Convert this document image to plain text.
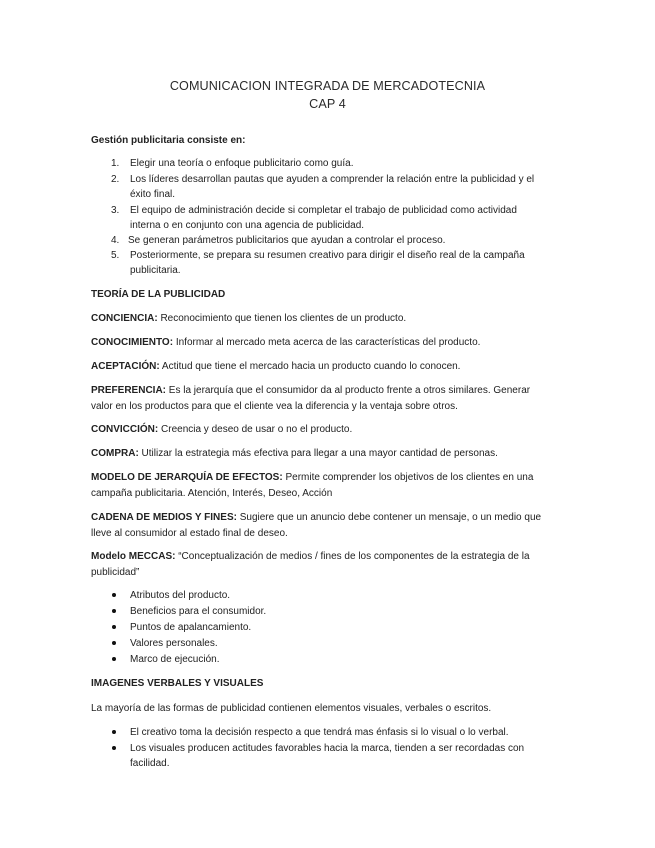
COMUNICACION INTEGRADA DE MERCADOTECNIA
CAP 4
Gestión publicitaria consiste en:
1. Elegir una teoría o enfoque publicitario como guía.
2. Los líderes desarrollan pautas que ayuden a comprender la relación entre la publicidad y el
éxito final.
3. El equipo de administración decide si completar el trabajo de publicidad como actividad
interna o en conjunto con una agencia de publicidad.
4. Se generan parámetros publicitarios que ayudan a controlar el proceso.
5. Posteriormente, se prepara su resumen creativo para dirigir el diseño real de la campaña
publicitaria.
TEORÍA DE LA PUBLICIDAD
CONCIENCIA: Reconocimiento que tienen los clientes de un producto.
CONOCIMIENTO: Informar al mercado meta acerca de las características del producto.
ACEPTACIÓN: Actitud que tiene el mercado hacia un producto cuando lo conocen.
PREFERENCIA: Es la jerarquía que el consumidor da al producto frente a otros similares. Generar
valor en los productos para que el cliente vea la diferencia y la ventaja sobre otros.
CONVICCIÓN: Creencia y deseo de usar o no el producto.
COMPRA: Utilizar la estrategia más efectiva para llegar a una mayor cantidad de personas.
MODELO DE JERARQUÍA DE EFECTOS: Permite comprender los objetivos de los clientes en una
campaña publicitaria. Atención, Interés, Deseo, Acción
CADENA DE MEDIOS Y FINES: Sugiere que un anuncio debe contener un mensaje, o un medio que
lleve al consumidor al estado final de deseo.
Modelo MECCAS: “Conceptualización de medios / fines de los componentes de la estrategia de la
publicidad”
Atributos del producto.
Beneficios para el consumidor.
Puntos de apalancamiento.
Valores personales.
Marco de ejecución.
IMAGENES VERBALES Y VISUALES
La mayoría de las formas de publicidad contienen elementos visuales, verbales o escritos.
El creativo toma la decisión respecto a que tendrá mas énfasis si lo visual o lo verbal.
Los visuales producen actitudes favorables hacia la marca, tienden a ser recordadas con
facilidad.
